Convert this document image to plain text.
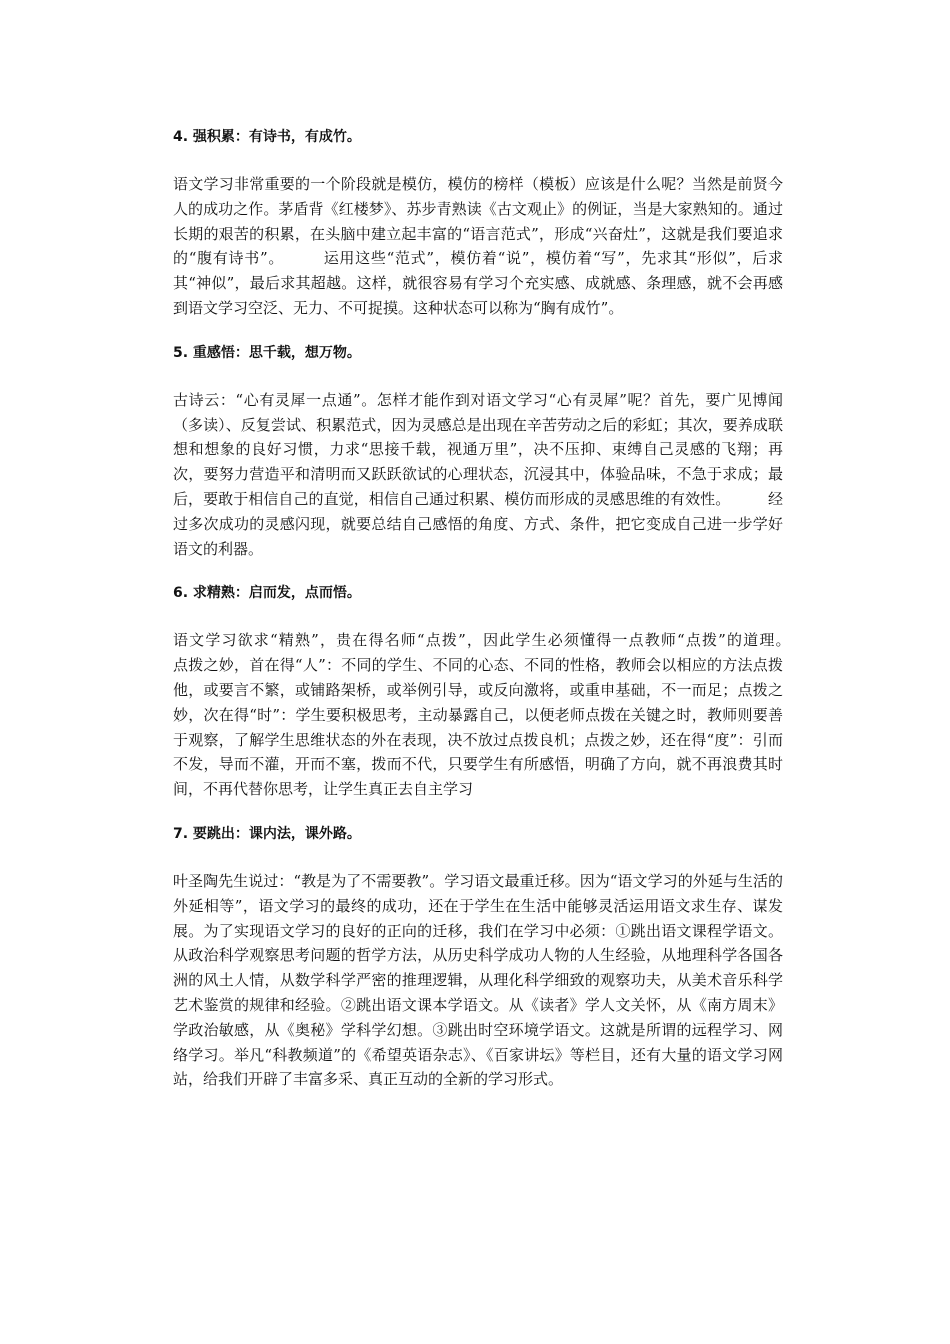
4. 强积累：有诗书，有成竹。
语文学习非常重要的一个阶段就是模仿，模仿的榜样（模板）应该是什么呢？当然是前贤今人的成功之作。茅盾背《红楼梦》、苏步青熟读《古文观止》的例证，当是大家熟知的。通过长期的艰苦的积累，在头脑中建立起丰富的“语言范式”，形成“兴奋灶”，这就是我们要追求的“腹有诗书”。　　　运用这些“范式”，模仿着“说”，模仿着“写”，先求其“形似”，后求其“神似”，最后求其超越。这样，就很容易有学习个充实感、成就感、条理感，就不会再感到语文学习空泛、无力、不可捉摸。这种状态可以称为“胸有成竹”。
5. 重感悟：思千载，想万物。
古诗云：“心有灵犀一点通”。怎样才能作到对语文学习“心有灵犀”呢？首先，要广见博闻（多读）、反复尝试、积累范式，因为灵感总是出现在辛苦劳动之后的彩虹；其次，要养成联想和想象的良好习惯，力求“思接千载，视通万里”，决不压抑、束缚自己灵感的飞翔；再次，要努力营造平和清明而又跃跃欲试的心理状态，沉浸其中，体验品味，不急于求成；最后，要敢于相信自己的直觉，相信自己通过积累、模仿而形成的灵感思维的有效性。　　　经过多次成功的灵感闪现，就要总结自己感悟的角度、方式、条件，把它变成自己进一步学好语文的利器。
6. 求精熟：启而发，点而悟。
语文学习欲求“精熟”，贵在得名师“点拨”，因此学生必须懂得一点教师“点拨”的道理。　　　点拨之妙，首在得“人”：不同的学生、不同的心态、不同的性格，教师会以相应的方法点拨他，或要言不繁，或铺路架桥，或举例引导，或反向激将，或重申基础，不一而足；点拨之妙，次在得“时”：学生要积极思考，主动暴露自己，以便老师点拨在关键之时，教师则要善于观察，了解学生思维状态的外在表现，决不放过点拨良机；点拨之妙，还在得“度”：引而不发，导而不灌，开而不塞，拨而不代，只要学生有所感悟，明确了方向，就不再浪费其时间，不再代替你思考，让学生真正去自主学习
7. 要跳出：课内法，课外路。
叶圣陶先生说过：“教是为了不需要教”。学习语文最重迁移。因为“语文学习的外延与生活的外延相等”，语文学习的最终的成功，还在于学生在生活中能够灵活运用语文求生存、谋发展。为了实现语文学习的良好的正向的迁移，我们在学习中必须：①跳出语文课程学语文。从政治科学观察思考问题的哲学方法，从历史科学成功人物的人生经验，从地理科学各国各洲的风土人情，从数学科学严密的推理逻辑，从理化科学细致的观察功夫，从美术音乐科学艺术鉴赏的规律和经验。②跳出语文课本学语文。从《读者》学人文关怀，从《南方周末》学政治敏感，从《奥秘》学科学幻想。③跳出时空环境学语文。这就是所谓的远程学习、网络学习。举凡“科教频道”的《希望英语杂志》、《百家讲坛》等栏目，还有大量的语文学习网站，给我们开辟了丰富多采、真正互动的全新的学习形式。
